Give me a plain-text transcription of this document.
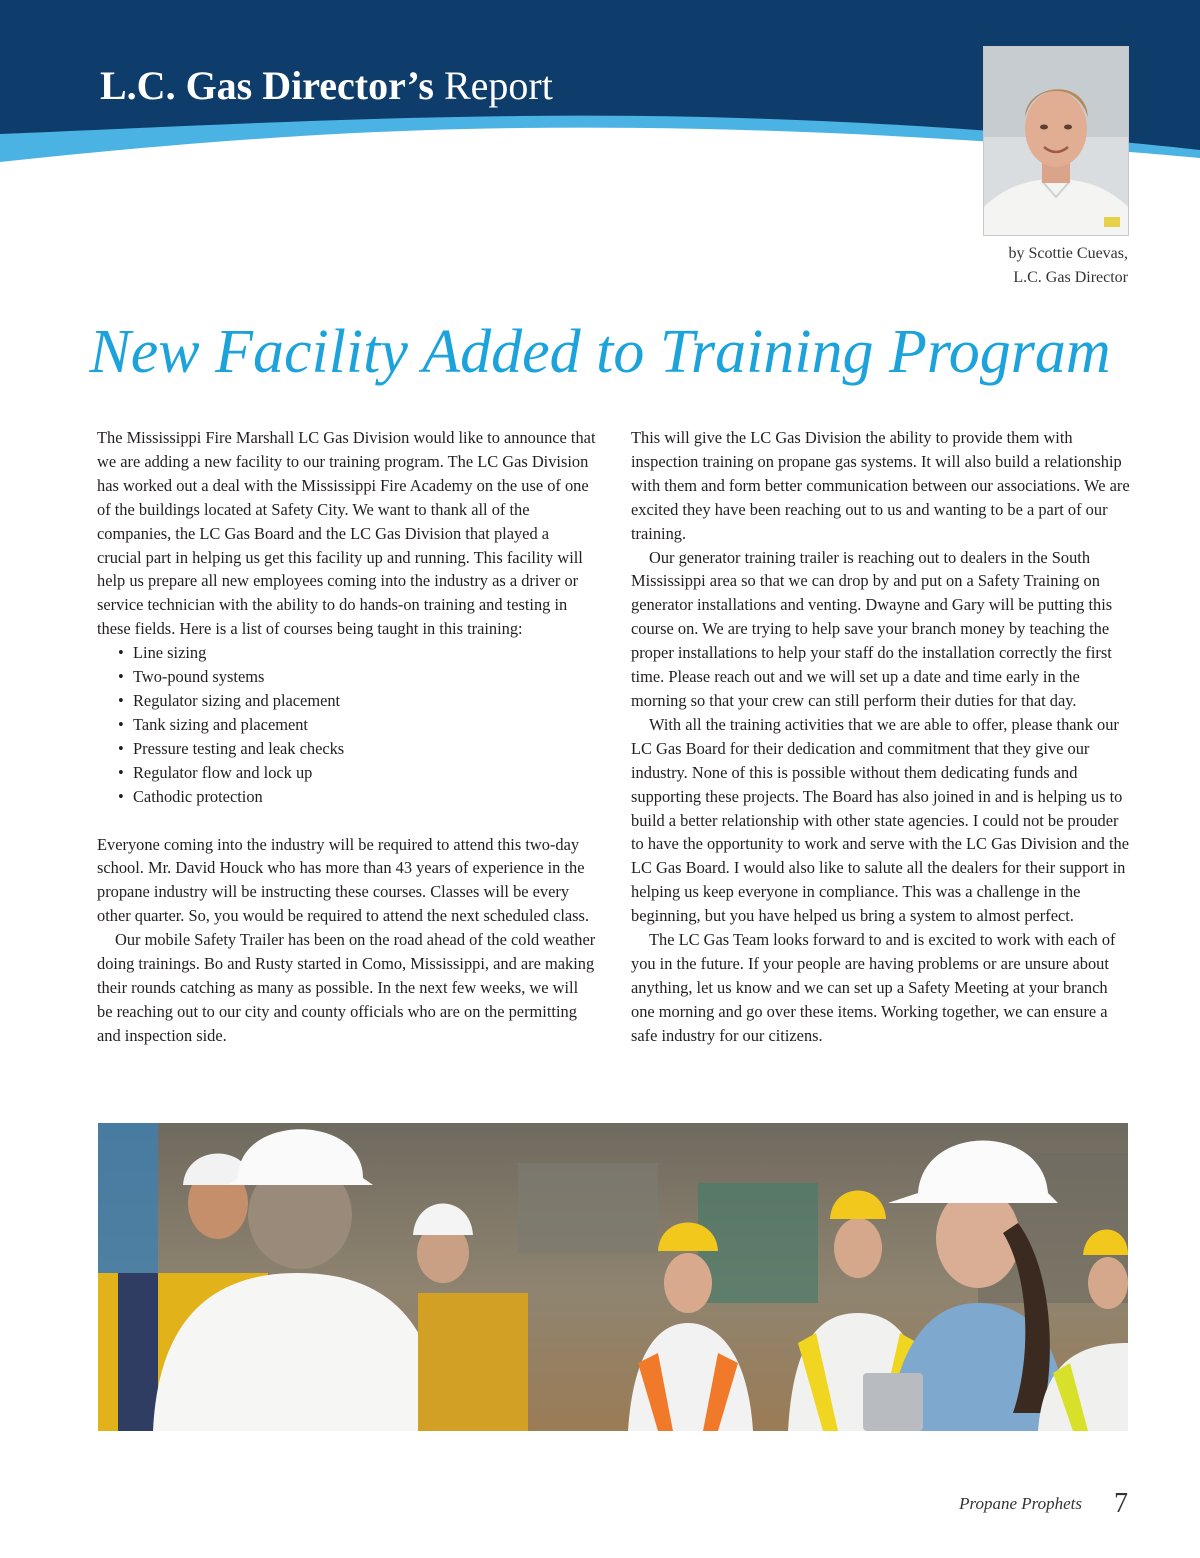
L.C. Gas Director’s Report
by Scottie Cuevas,
L.C. Gas Director
New Facility Added to Training Program

The Mississippi Fire Marshall LC Gas Division would like to announce that we are adding a new facility to our training program. The LC Gas Division has worked out a deal with the Mississippi Fire Academy on the use of one of the buildings located at Safety City. We want to thank all of the companies, the LC Gas Board and the LC Gas Division that played a crucial part in helping us get this facility up and running. This facility will help us prepare all new employees coming into the industry as a driver or service technician with the ability to do hands-on training and testing in these fields. Here is a list of courses being taught in this training:

• Line sizing
• Two-pound systems
• Regulator sizing and placement
• Tank sizing and placement
• Pressure testing and leak checks
• Regulator flow and lock up
• Cathodic protection

Everyone coming into the industry will be required to attend this two-day school. Mr. David Houck who has more than 43 years of experience in the propane industry will be instructing these courses. Classes will be every other quarter. So, you would be required to attend the next scheduled class.

Our mobile Safety Trailer has been on the road ahead of the cold weather doing trainings. Bo and Rusty started in Como, Mississippi, and are making their rounds catching as many as possible. In the next few weeks, we will be reaching out to our city and county officials who are on the permitting and inspection side.

This will give the LC Gas Division the ability to provide them with inspection training on propane gas systems. It will also build a relationship with them and form better communication between our associations. We are excited they have been reaching out to us and wanting to be a part of our training.

Our generator training trailer is reaching out to dealers in the South Mississippi area so that we can drop by and put on a Safety Training on generator installations and venting. Dwayne and Gary will be putting this course on. We are trying to help save your branch money by teaching the proper installations to help your staff do the installation correctly the first time. Please reach out and we will set up a date and time early in the morning so that your crew can still perform their duties for that day.

With all the training activities that we are able to offer, please thank our LC Gas Board for their dedication and commitment that they give our industry. None of this is possible without them dedicating funds and supporting these projects. The Board has also joined in and is helping us to build a better relationship with other state agencies. I could not be prouder to have the opportunity to work and serve with the LC Gas Division and the LC Gas Board. I would also like to salute all the dealers for their support in helping us keep everyone in compliance. This was a challenge in the beginning, but you have helped us bring a system to almost perfect.

The LC Gas Team looks forward to and is excited to work with each of you in the future. If your people are having problems or are unsure about anything, let us know and we can set up a Safety Meeting at your branch one morning and go over these items. Working together, we can ensure a safe industry for our citizens.

Propane Prophets 7
